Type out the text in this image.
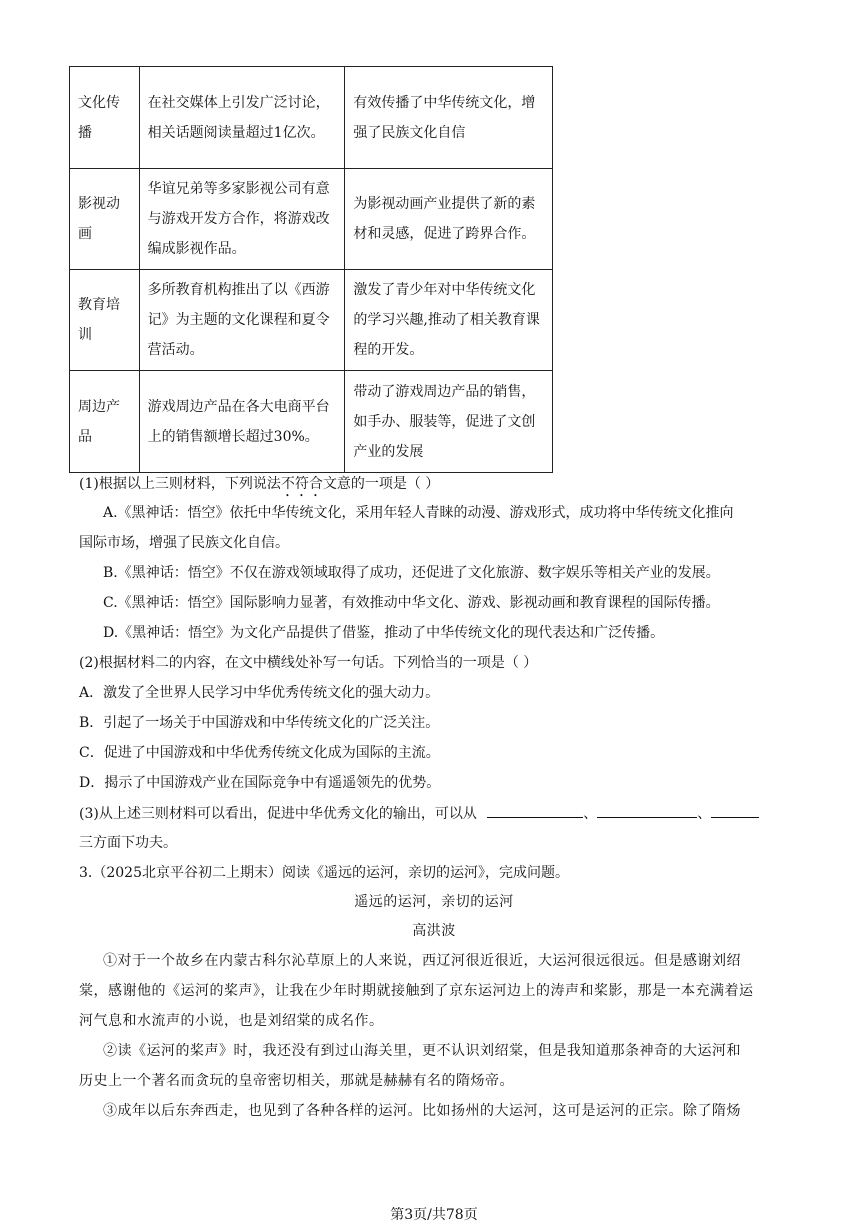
文化传播	在社交媒体上引发广泛讨论，相关话题阅读量超过1亿次。	有效传播了中华传统文化，增强了民族文化自信
影视动画	华谊兄弟等多家影视公司有意与游戏开发方合作，将游戏改编成影视作品。	为影视动画产业提供了新的素材和灵感，促进了跨界合作。
教育培训	多所教育机构推出了以《西游记》为主题的文化课程和夏令营活动。	激发了青少年对中华传统文化的学习兴趣,推动了相关教育课程的开发。
周边产品	游戏周边产品在各大电商平台上的销售额增长超过30%。	带动了游戏周边产品的销售，如手办、服装等，促进了文创产业的发展
(1)根据以上三则材料，下列说法不符合文意的一项是（ ）
A.《黑神话：悟空》依托中华传统文化，采用年轻人青睐的动漫、游戏形式，成功将中华传统文化推向
国际市场，增强了民族文化自信。
B.《黑神话：悟空》不仅在游戏领域取得了成功，还促进了文化旅游、数字娱乐等相关产业的发展。
C.《黑神话：悟空》国际影响力显著，有效推动中华文化、游戏、影视动画和教育课程的国际传播。
D.《黑神话：悟空》为文化产品提供了借鉴，推动了中华传统文化的现代表达和广泛传播。
(2)根据材料二的内容，在文中横线处补写一句话。下列恰当的一项是（ ）
A．激发了全世界人民学习中华优秀传统文化的强大动力。
B．引起了一场关于中国游戏和中华传统文化的广泛关注。
C．促进了中国游戏和中华优秀传统文化成为国际的主流。
D．揭示了中国游戏产业在国际竞争中有遥遥领先的优势。
(3)从上述三则材料可以看出，促进中华优秀文化的输出，可以从	、	、
三方面下功夫。
3.（2025北京平谷初二上期末）阅读《遥远的运河，亲切的运河》，完成问题。
遥远的运河，亲切的运河
高洪波
①对于一个故乡在内蒙古科尔沁草原上的人来说，西辽河很近很近，大运河很远很远。但是感谢刘绍
棠，感谢他的《运河的桨声》，让我在少年时期就接触到了京东运河边上的涛声和桨影，那是一本充满着运
河气息和水流声的小说，也是刘绍棠的成名作。
②读《运河的桨声》时，我还没有到过山海关里，更不认识刘绍棠，但是我知道那条神奇的大运河和
历史上一个著名而贪玩的皇帝密切相关，那就是赫赫有名的隋炀帝。
③成年以后东奔西走，也见到了各种各样的运河。比如扬州的大运河，这可是运河的正宗。除了隋炀
第3页/共78页
